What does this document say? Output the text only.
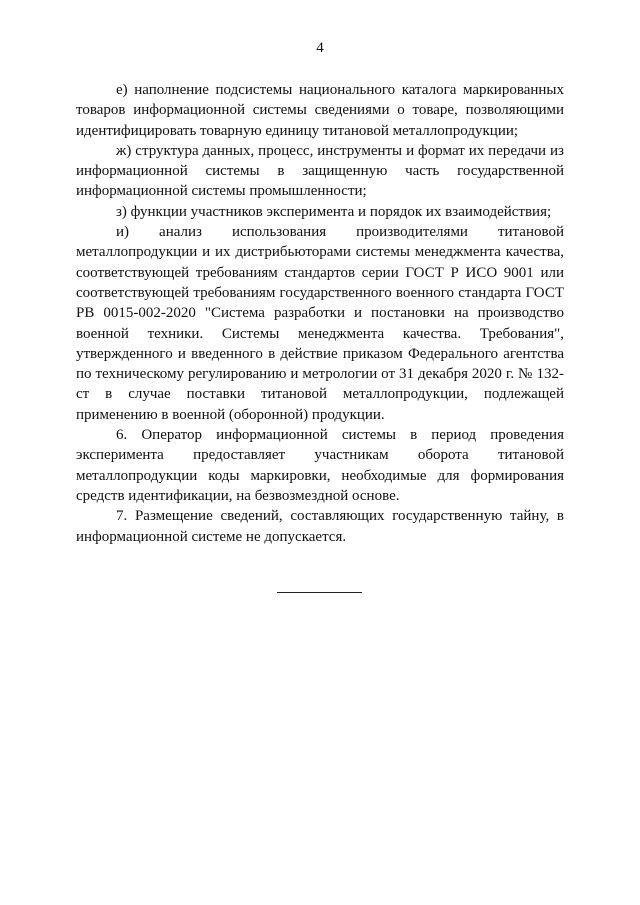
4

е) наполнение подсистемы национального каталога маркированных товаров информационной системы сведениями о товаре, позволяющими идентифицировать товарную единицу титановой металлопродукции;

ж) структура данных, процесс, инструменты и формат их передачи из информационной системы в защищенную часть государственной информационной системы промышленности;

з) функции участников эксперимента и порядок их взаимодействия;

и) анализ использования производителями титановой металлопродукции и их дистрибьюторами системы менеджмента качества, соответствующей требованиям стандартов серии ГОСТ Р ИСО 9001 или соответствующей требованиям государственного военного стандарта ГОСТ РВ 0015-002-2020 "Система разработки и постановки на производство военной техники. Системы менеджмента качества. Требования", утвержденного и введенного в действие приказом Федерального агентства по техническому регулированию и метрологии от 31 декабря 2020 г. № 132-ст в случае поставки титановой металлопродукции, подлежащей применению в военной (оборонной) продукции.

6. Оператор информационной системы в период проведения эксперимента предоставляет участникам оборота титановой металлопродукции коды маркировки, необходимые для формирования средств идентификации, на безвозмездной основе.

7. Размещение сведений, составляющих государственную тайну, в информационной системе не допускается.
